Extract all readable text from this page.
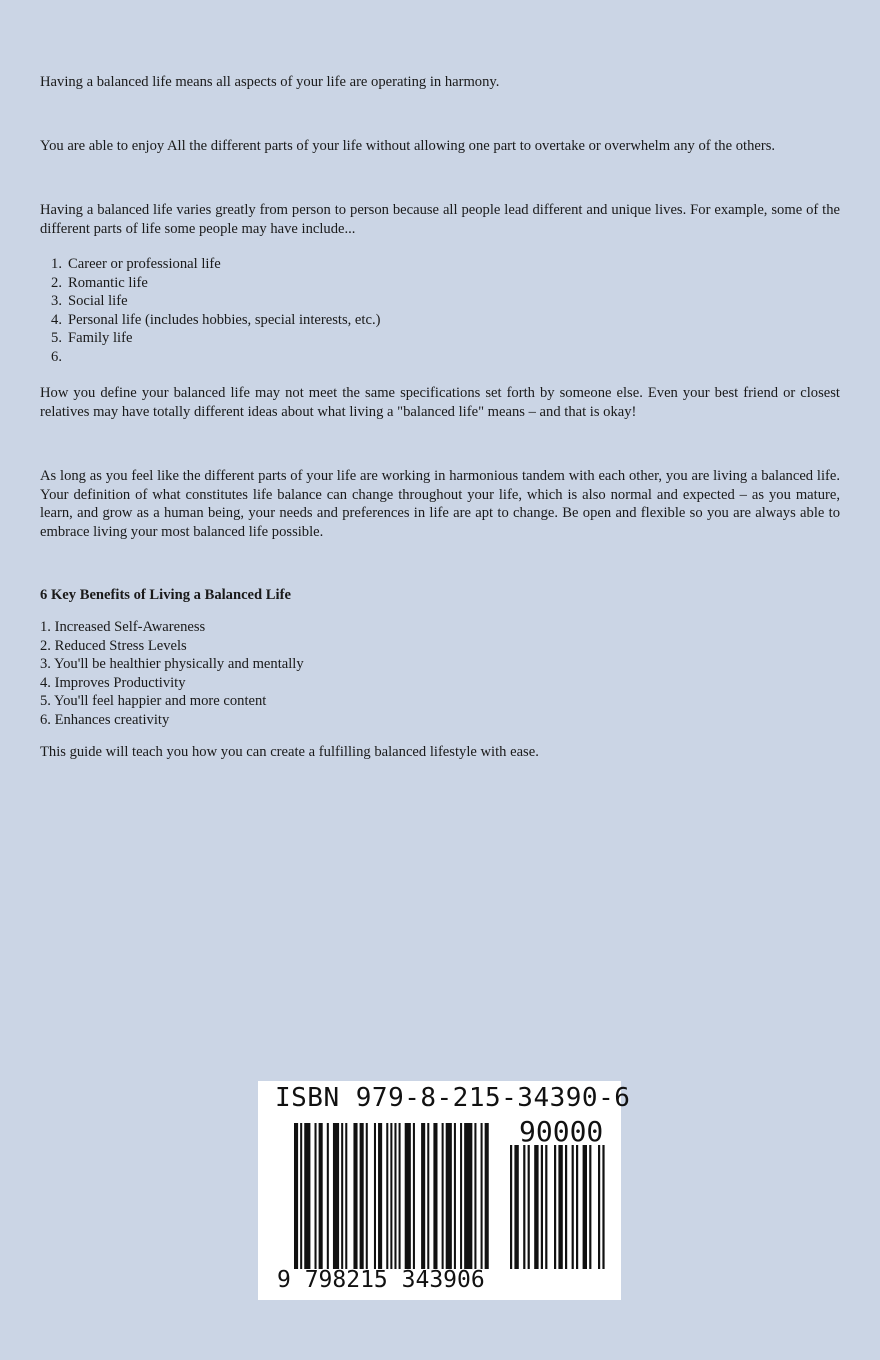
Having a balanced life means all aspects of your life are operating in harmony.

You are able to enjoy All the different parts of your life without allowing one part to overtake or overwhelm any of the others.

Having a balanced life varies greatly from person to person because all people lead different and unique lives. For example, some of the different parts of life some people may have include...

1. Career or professional life
2. Romantic life
3. Social life
4. Personal life (includes hobbies, special interests, etc.)
5. Family life
6.

How you define your balanced life may not meet the same specifications set forth by someone else. Even your best friend or closest relatives may have totally different ideas about what living a "balanced life" means – and that is okay!

As long as you feel like the different parts of your life are working in harmonious tandem with each other, you are living a balanced life. Your definition of what constitutes life balance can change throughout your life, which is also normal and expected – as you mature, learn, and grow as a human being, your needs and preferences in life are apt to change. Be open and flexible so you are always able to embrace living your most balanced life possible.

6 Key Benefits of Living a Balanced Life
1. Increased Self-Awareness
2. Reduced Stress Levels
3. You'll be healthier physically and mentally
4. Improves Productivity
5. You'll feel happier and more content
6. Enhances creativity

This guide will teach you how you can create a fulfilling balanced lifestyle with ease.

ISBN 979-8-215-34390-6
90000
9 798215 343906
